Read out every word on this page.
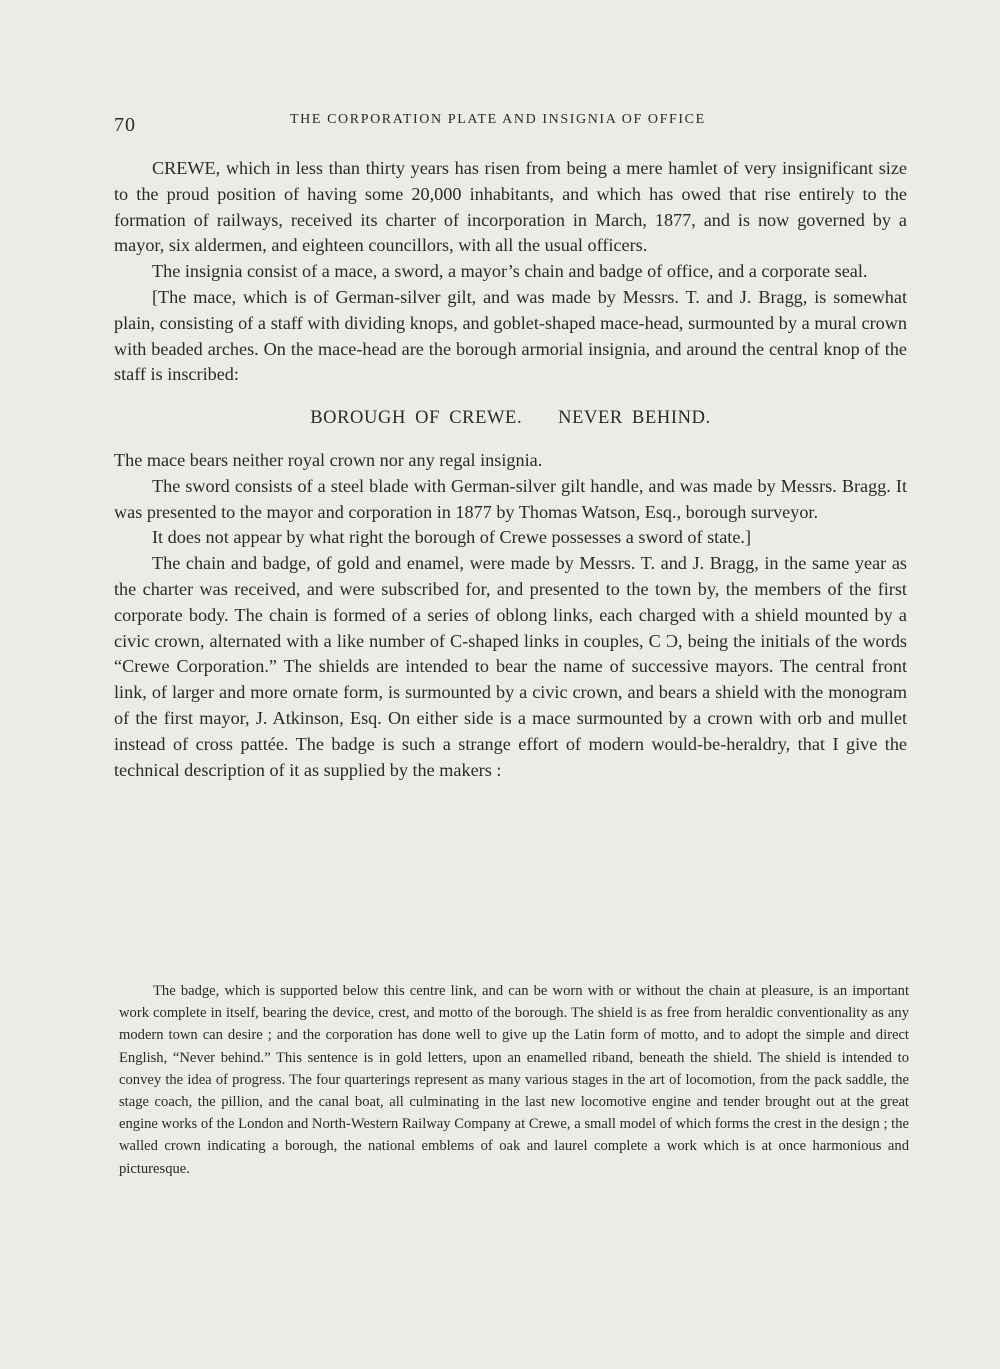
70	THE CORPORATION PLATE AND INSIGNIA OF OFFICE

CREWE, which in less than thirty years has risen from being a mere hamlet of very insignificant size to the proud position of having some 20,000 inhabitants, and which has owed that rise entirely to the formation of railways, received its charter of incorporation in March, 1877, and is now governed by a mayor, six aldermen, and eighteen councillors, with all the usual officers.

The insignia consist of a mace, a sword, a mayor’s chain and badge of office, and a corporate seal.

[The mace, which is of German-silver gilt, and was made by Messrs. T. and J. Bragg, is somewhat plain, consisting of a staff with dividing knops, and goblet-shaped mace-head, surmounted by a mural crown with beaded arches. On the mace-head are the borough armorial insignia, and around the central knop of the staff is inscribed:

BOROUGH OF CREWE. NEVER BEHIND.

The mace bears neither royal crown nor any regal insignia.

The sword consists of a steel blade with German-silver gilt handle, and was made by Messrs. Bragg. It was presented to the mayor and corporation in 1877 by Thomas Watson, Esq., borough surveyor.

It does not appear by what right the borough of Crewe possesses a sword of state.]

The chain and badge, of gold and enamel, were made by Messrs. T. and J. Bragg, in the same year as the charter was received, and were subscribed for, and presented to the town by, the members of the first corporate body. The chain is formed of a series of oblong links, each charged with a shield mounted by a civic crown, alternated with a like number of C-shaped links in couples, C Ɔ, being the initials of the words “Crewe Corporation.” The shields are intended to bear the name of successive mayors. The central front link, of larger and more ornate form, is surmounted by a civic crown, and bears a shield with the monogram of the first mayor, J. Atkinson, Esq. On either side is a mace surmounted by a crown with orb and mullet instead of cross pattée. The badge is such a strange effort of modern would-be-heraldry, that I give the technical description of it as supplied by the makers :

The badge, which is supported below this centre link, and can be worn with or without the chain at pleasure, is an important work complete in itself, bearing the device, crest, and motto of the borough. The shield is as free from heraldic conventionality as any modern town can desire ; and the corporation has done well to give up the Latin form of motto, and to adopt the simple and direct English, “Never behind.” This sentence is in gold letters, upon an enamelled riband, beneath the shield. The shield is intended to convey the idea of progress. The four quarterings represent as many various stages in the art of locomotion, from the pack saddle, the stage coach, the pillion, and the canal boat, all culminating in the last new locomotive engine and tender brought out at the great engine works of the London and North-Western Railway Company at Crewe, a small model of which forms the crest in the design ; the walled crown indicating a borough, the national emblems of oak and laurel complete a work which is at once harmonious and picturesque.
